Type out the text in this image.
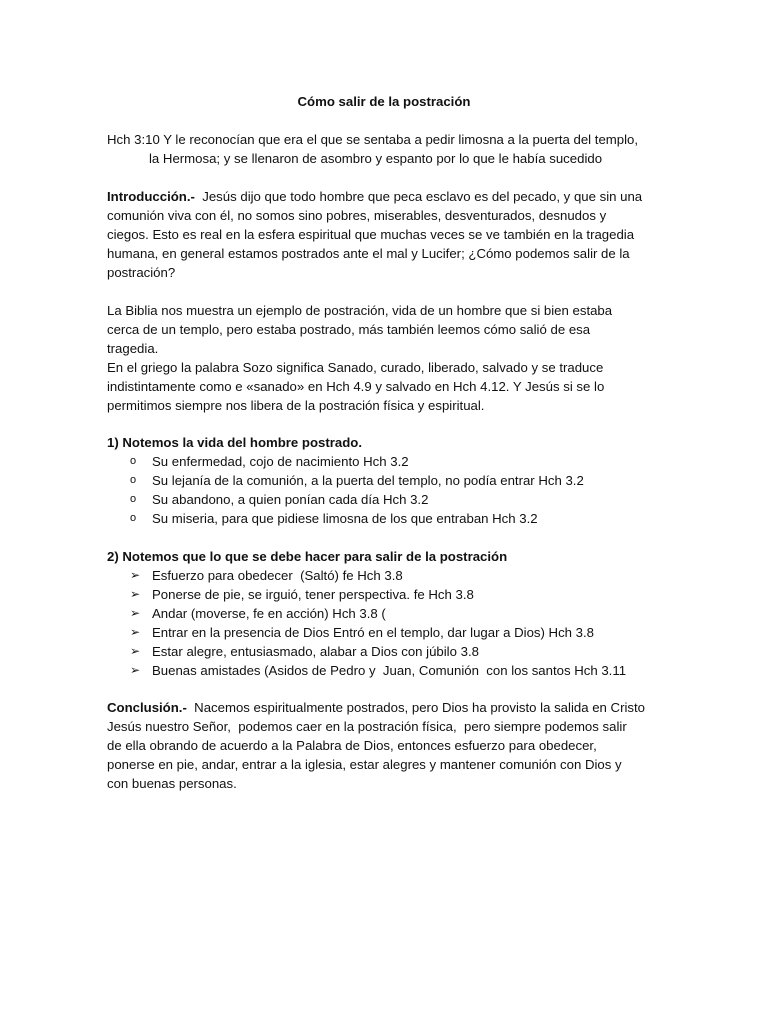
Cómo salir de la postración
Hch 3:10 Y le reconocían que era el que se sentaba a pedir limosna a la puerta del templo,
la Hermosa; y se llenaron de asombro y espanto por lo que le había sucedido
Introducción.-  Jesús dijo que todo hombre que peca esclavo es del pecado, y que sin una
comunión viva con él, no somos sino pobres, miserables, desventurados, desnudos y
ciegos. Esto es real en la esfera espiritual que muchas veces se ve también en la tragedia
humana, en general estamos postrados ante el mal y Lucifer; ¿Cómo podemos salir de la
postración?
La Biblia nos muestra un ejemplo de postración, vida de un hombre que si bien estaba
cerca de un templo, pero estaba postrado, más también leemos cómo salió de esa
tragedia.
En el griego la palabra Sozo significa Sanado, curado, liberado, salvado y se traduce
indistintamente como e «sanado» en Hch 4.9 y salvado en Hch 4.12. Y Jesús si se lo
permitimos siempre nos libera de la postración física y espiritual.
1) Notemos la vida del hombre postrado.
o	Su enfermedad, cojo de nacimiento Hch 3.2
o	Su lejanía de la comunión, a la puerta del templo, no podía entrar Hch 3.2
o	Su abandono, a quien ponían cada día Hch 3.2
o	Su miseria, para que pidiese limosna de los que entraban Hch 3.2
2) Notemos que lo que se debe hacer para salir de la postración
➢ Esfuerzo para obedecer  (Saltó) fe Hch 3.8
➢ Ponerse de pie, se irguió, tener perspectiva. fe Hch 3.8
➢ Andar (moverse, fe en acción) Hch 3.8 (
➢ Entrar en la presencia de Dios Entró en el templo, dar lugar a Dios) Hch 3.8
➢ Estar alegre, entusiasmado, alabar a Dios con júbilo 3.8
➢ Buenas amistades (Asidos de Pedro y  Juan, Comunión  con los santos Hch 3.11
Conclusión.-  Nacemos espiritualmente postrados, pero Dios ha provisto la salida en Cristo
Jesús nuestro Señor,  podemos caer en la postración física,  pero siempre podemos salir
de ella obrando de acuerdo a la Palabra de Dios, entonces esfuerzo para obedecer,
ponerse en pie, andar, entrar a la iglesia, estar alegres y mantener comunión con Dios y
con buenas personas.
